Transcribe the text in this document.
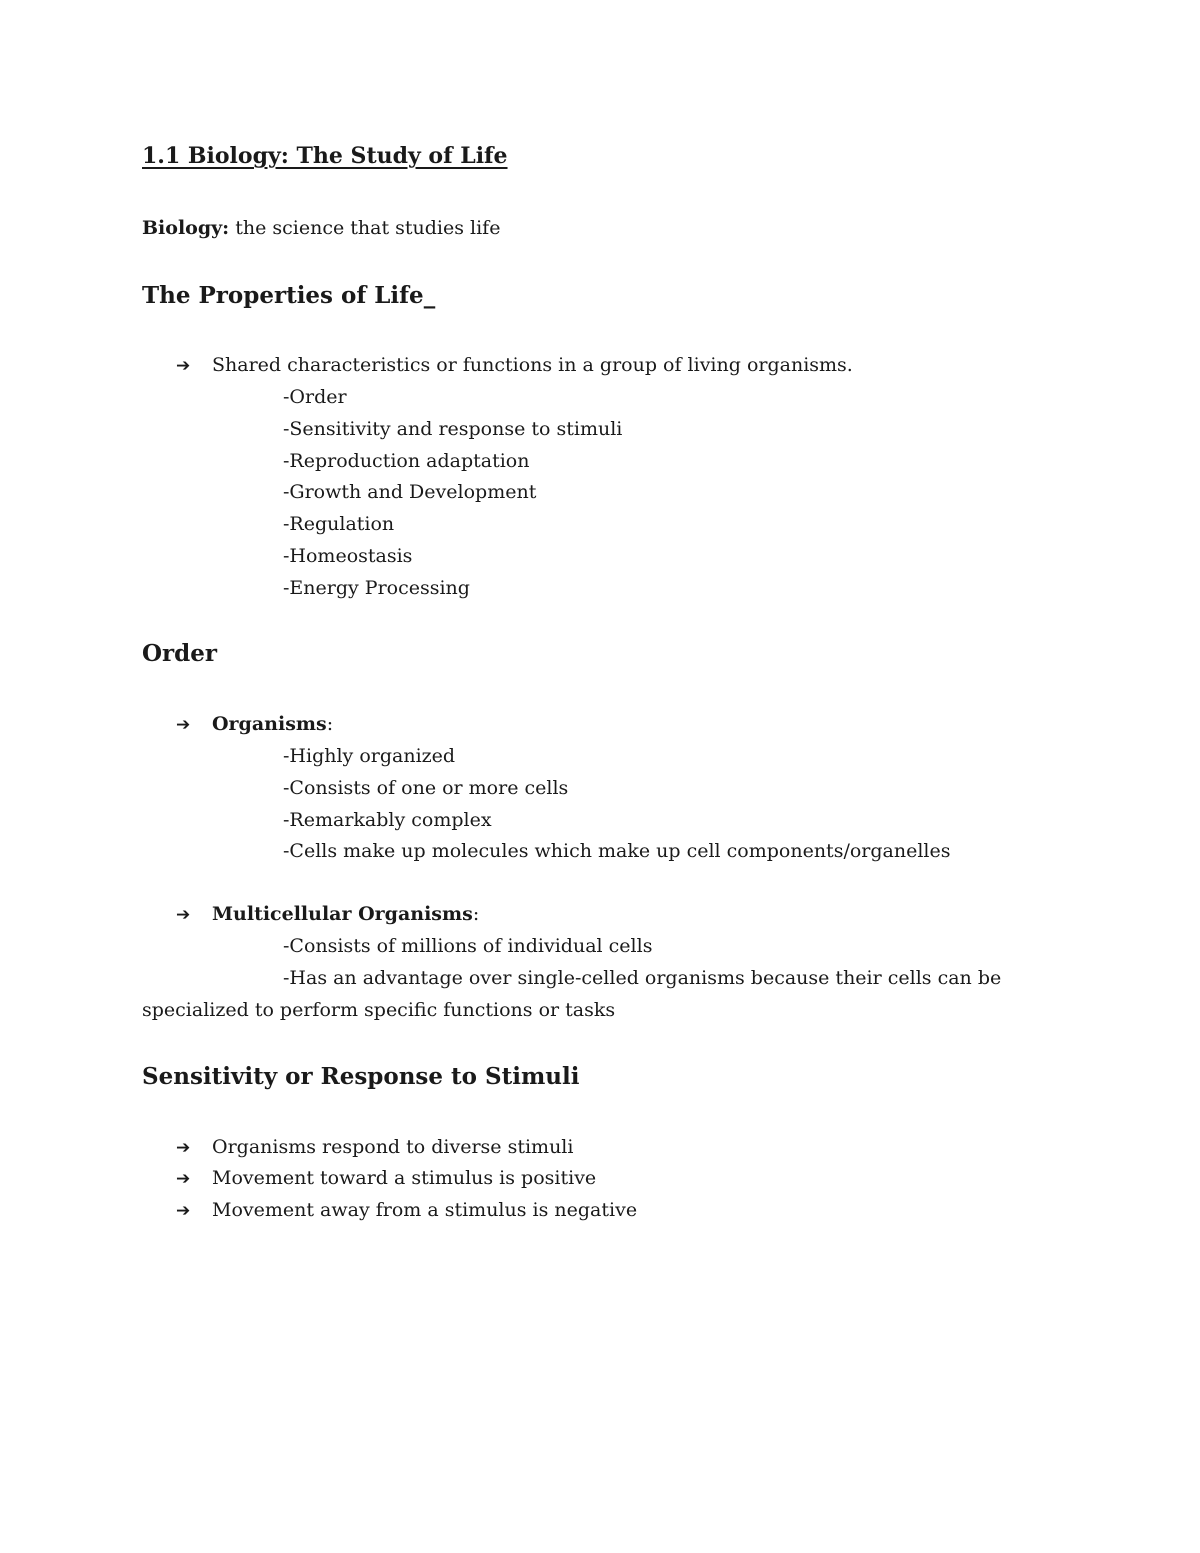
1.1 Biology: The Study of Life
Biology: the science that studies life
The Properties of Life_
➔ Shared characteristics or functions in a group of living organisms.
-Order
-Sensitivity and response to stimuli
-Reproduction adaptation
-Growth and Development
-Regulation
-Homeostasis
-Energy Processing
Order
➔ Organisms:
-Highly organized
-Consists of one or more cells
-Remarkably complex
-Cells make up molecules which make up cell components/organelles
➔ Multicellular Organisms:
-Consists of millions of individual cells
-Has an advantage over single-celled organisms because their cells can be
specialized to perform specific functions or tasks
Sensitivity or Response to Stimuli
➔ Organisms respond to diverse stimuli
➔ Movement toward a stimulus is positive
➔ Movement away from a stimulus is negative
